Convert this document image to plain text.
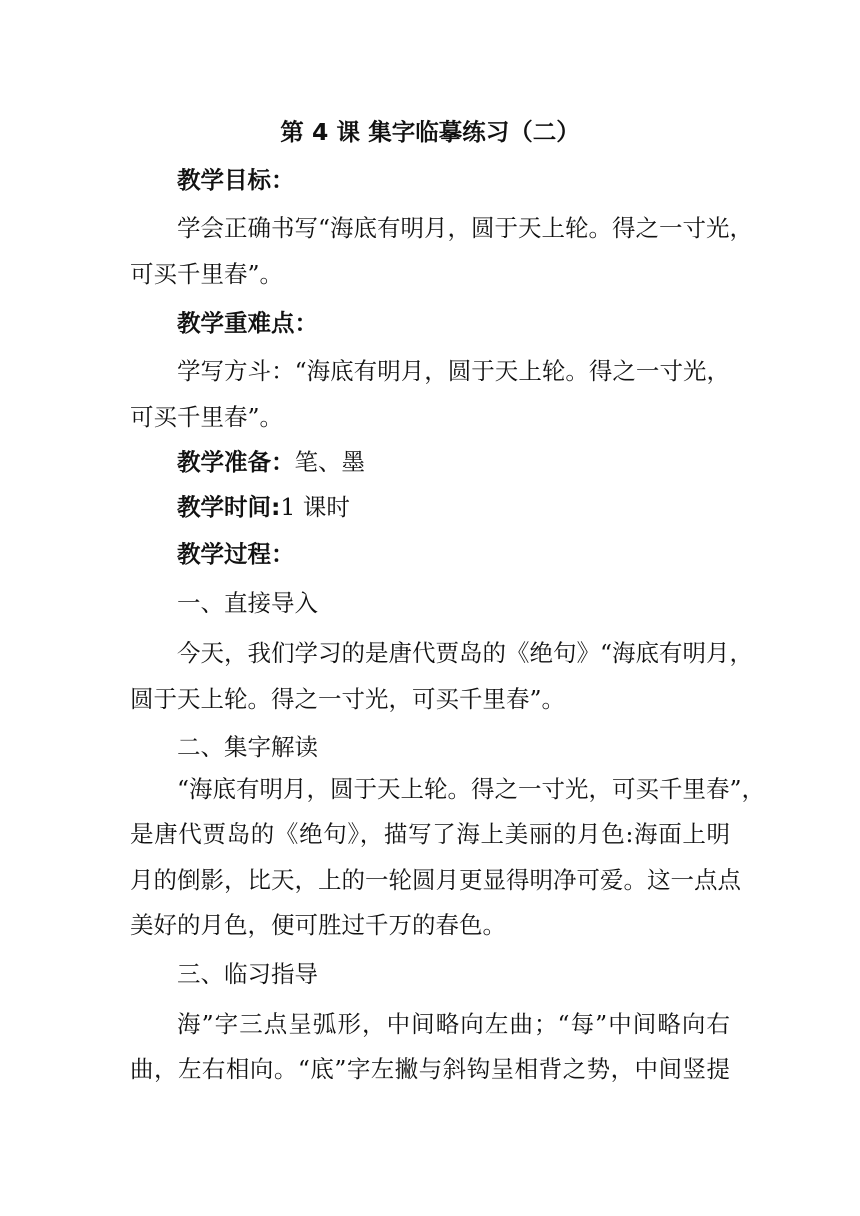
第 4 课 集字临摹练习（二）
教学目标：
学会正确书写“海底有明月，圆于天上轮。得之一寸光，
可买千里春”。
教学重难点：
学写方斗：“海底有明月，圆于天上轮。得之一寸光，
可买千里春”。
教学准备：笔、墨
教学时间:1 课时
教学过程：
一、直接导入
今天，我们学习的是唐代贾岛的《绝句》“海底有明月，
圆于天上轮。得之一寸光，可买千里春”。
二、集字解读
“海底有明月，圆于天上轮。得之一寸光，可买千里春”，
是唐代贾岛的《绝句》，描写了海上美丽的月色:海面上明
月的倒影，比天，上的一轮圆月更显得明净可爱。这一点点
美好的月色，便可胜过千万的春色。
三、临习指导
海”字三点呈弧形，中间略向左曲；“每”中间略向右
曲，左右相向。“底”字左撇与斜钩呈相背之势，中间竖提
